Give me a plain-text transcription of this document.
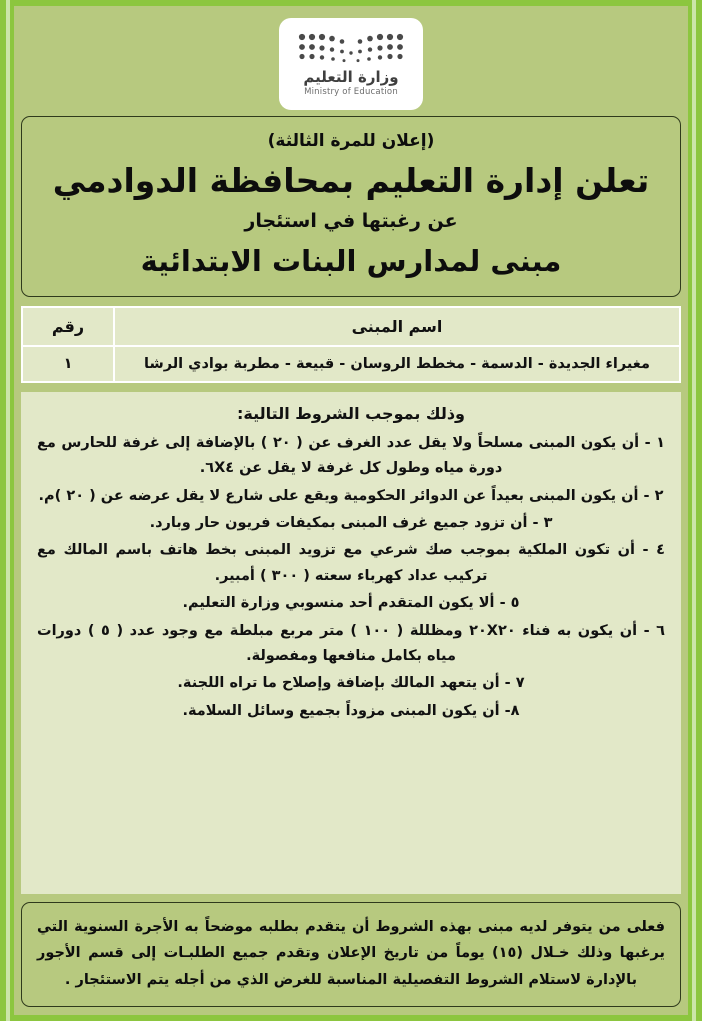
وزارة التعليم
Ministry of Education
(إعلان للمرة الثالثة)
تعلن إدارة التعليم بمحافظة الدوادمي
عن رغبتها في استئجار
مبنى لمدارس البنات الابتدائية
اسم المبنى	رقم
مغيراء الجديدة - الدسمة - مخطط الروسان - قبيعة - مطربة بوادي الرشا	١
وذلك بموجب الشروط التالية:
١ - أن يكون المبنى مسلحاً ولا يقل عدد الغرف عن ( ٢٠ ) بالإضافة إلى غرفة للحارس مع دورة مياه وطول كل غرفة لا يقل عن ٦X٤.
٢ - أن يكون المبنى بعيداً عن الدوائر الحكومية ويقع على شارع لا يقل عرضه عن ( ٢٠ )م.
٣ - أن تزود جميع غرف المبنى بمكيفات فريون حار وبارد.
٤ - أن تكون الملكية بموجب صك شرعي مع تزويد المبنى بخط هاتف باسم المالك مع تركيب عداد كهرباء سعته ( ٣٠٠ ) أمبير.
٥ - ألا يكون المتقدم أحد منسوبي وزارة التعليم.
٦ - أن يكون به فناء ٢٠X٢٠ ومظللة ( ١٠٠ ) متر مربع مبلطة مع وجود عدد ( ٥ ) دورات مياه بكامل منافعها ومفصولة.
٧ - أن يتعهد المالك بإضافة وإصلاح ما تراه اللجنة.
٨- أن يكون المبنى مزوداً بجميع وسائل السلامة.
فعلى من يتوفر لديه مبنى بهذه الشروط أن يتقدم بطلبه موضحاً به الأجرة السنوية التي يرغبها وذلك خـلال (١٥) يوماً من تاريخ الإعلان وتقدم جميع الطلبـات إلى قسم الأجور بالإدارة لاستلام الشروط التفصيلية المناسبة للغرض الذي من أجله يتم الاستئجار .
